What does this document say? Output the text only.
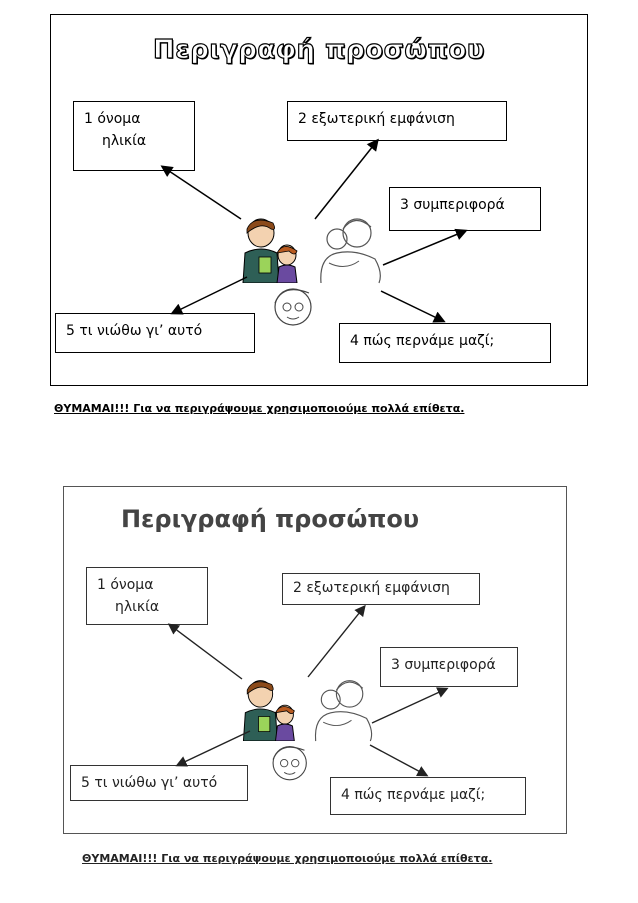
Περιγραφή προσώπου
1 όνομα
ηλικία
2 εξωτερική εμφάνιση
3 συμπεριφορά
4 πώς περνάμε μαζί;
5 τι νιώθω γι’ αυτό
ΘΥΜΑΜΑΙ!!! Για να περιγράψουμε χρησιμοποιούμε πολλά επίθετα.
Περιγραφή προσώπου
1 όνομα
ηλικία
2 εξωτερική εμφάνιση
3 συμπεριφορά
4 πώς περνάμε μαζί;
5 τι νιώθω γι’ αυτό
ΘΥΜΑΜΑΙ!!! Για να περιγράψουμε χρησιμοποιούμε πολλά επίθετα.
